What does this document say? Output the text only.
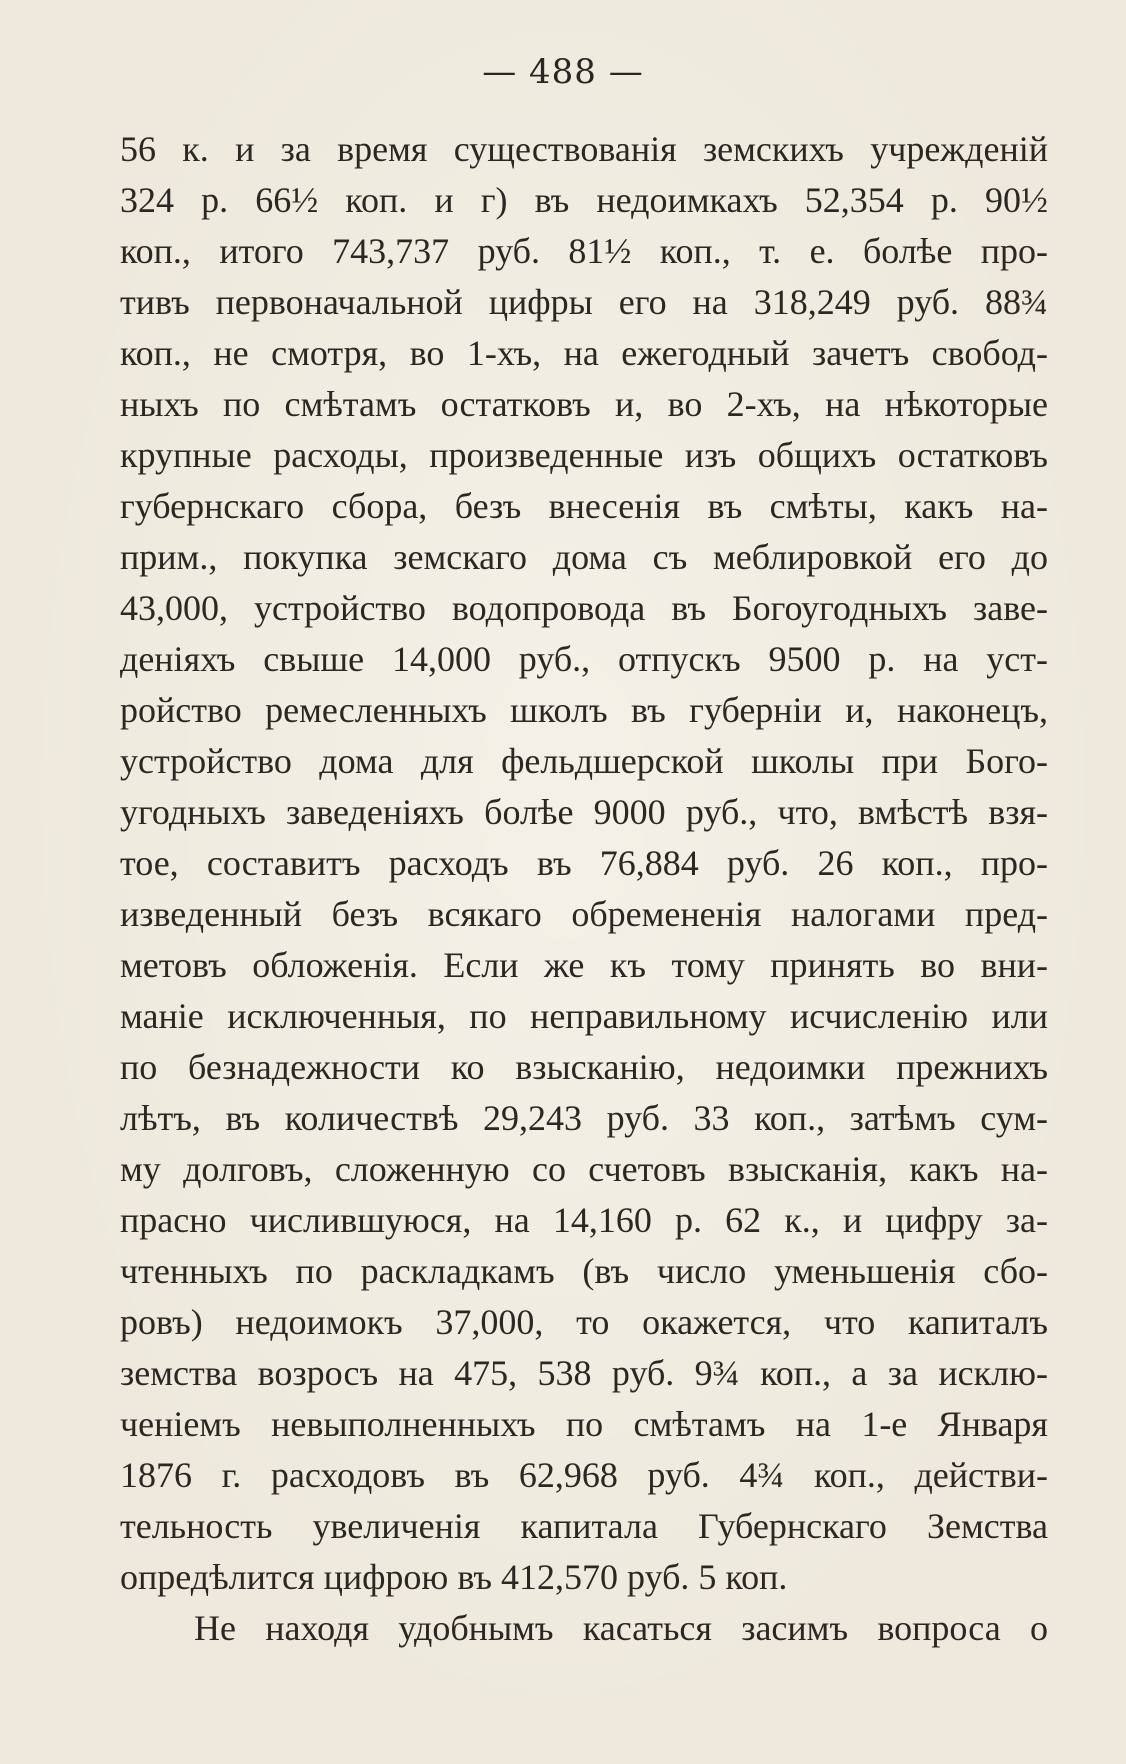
— 488 —
56 к. и за время существованія земскихъ учрежденій
324 р. 66½ коп. и г) въ недоимкахъ 52,354 р. 90½
коп., итого 743,737 руб. 81½ коп., т. е. болѣе про-
тивъ первоначальной цифры его на 318,249 руб. 88¾
коп., не смотря, во 1-хъ, на ежегодный зачетъ свобод-
ныхъ по смѣтамъ остатковъ и, во 2-хъ, на нѣкоторые
крупные расходы, произведенные изъ общихъ остатковъ
губернскаго сбора, безъ внесенія въ смѣты, какъ на-
прим., покупка земскаго дома съ меблировкой его до
43,000, устройство водопровода въ Богоугодныхъ заве-
деніяхъ свыше 14,000 руб., отпускъ 9500 р. на уст-
ройство ремесленныхъ школъ въ губерніи и, наконецъ,
устройство дома для фельдшерской школы при Бого-
угодныхъ заведеніяхъ болѣе 9000 руб., что, вмѣстѣ взя-
тое, составитъ расходъ въ 76,884 руб. 26 коп., про-
изведенный безъ всякаго обремененія налогами пред-
метовъ обложенія. Если же къ тому принять во вни-
маніе исключенныя, по неправильному исчисленію или
по безнадежности ко взысканію, недоимки прежнихъ
лѣтъ, въ количествѣ 29,243 руб. 33 коп., затѣмъ сум-
му долговъ, сложенную со счетовъ взысканія, какъ на-
прасно числившуюся, на 14,160 р. 62 к., и цифру за-
чтенныхъ по раскладкамъ (въ число уменьшенія сбо-
ровъ) недоимокъ 37,000, то окажется, что капиталъ
земства возросъ на 475, 538 руб. 9¾ коп., а за исклю-
ченіемъ невыполненныхъ по смѣтамъ на 1-е Января
1876 г. расходовъ въ 62,968 руб. 4¾ коп., действи-
тельность увеличенія капитала Губернскаго Земства
опредѣлится цифрою въ 412,570 руб. 5 коп.
Не находя удобнымъ касаться засимъ вопроса о
